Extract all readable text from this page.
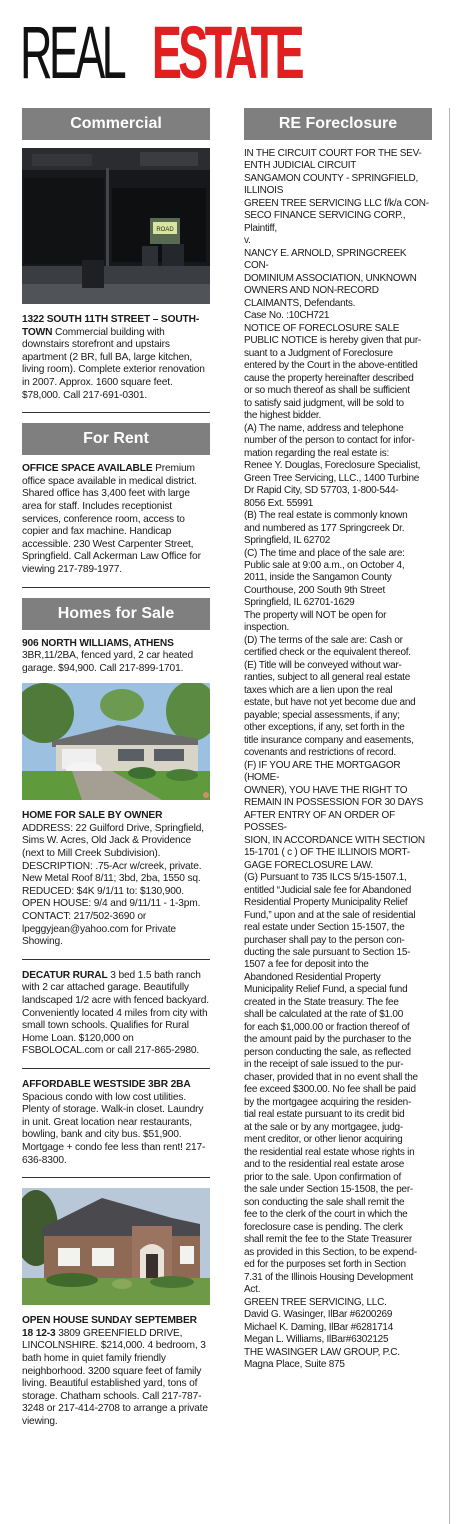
REAL ESTATE
Commercial
ROAD
1322 SOUTH 11TH STREET – SOUTH-TOWN Commercial building with downstairs storefront and upstairs apartment (2 BR, full BA, large kitchen, living room). Complete exterior renovation in 2007. Approx. 1600 square feet. $78,000. Call 217-691-0301.
For Rent
OFFICE SPACE AVAILABLE Premium office space available in medical district. Shared office has 3,400 feet with large area for staff. Includes receptionist services, conference room, access to copier and fax machine. Handicap accessible. 230 West Carpenter Street, Springfield. Call Ackerman Law Office for viewing 217-789-1977.
Homes for Sale
906 NORTH WILLIAMS, ATHENS
3BR,11/2BA, fenced yard, 2 car heated garage. $94,900. Call 217-899-1701.
HOME FOR SALE BY OWNER ADDRESS: 22 Guilford Drive, Springfield, Sims W. Acres, Old Jack & Providence (next to Mill Creek Subdivision). DESCRIPTION: .75-Acr w/creek, private. New Metal Roof 8/11; 3bd, 2ba, 1550 sq. REDUCED: $4K 9/1/11 to: $130,900. OPEN HOUSE: 9/4 and 9/11/11 - 1-3pm. CONTACT: 217/502-3690 or lpeggyjean@yahoo.com for Private Showing.
DECATUR RURAL 3 bed 1.5 bath ranch with 2 car attached garage. Beautifully landscaped 1/2 acre with fenced backyard. Conveniently located 4 miles from city with small town schools. Qualifies for Rural Home Loan. $120,000 on FSBOLOCAL.com or call 217-865-2980.
AFFORDABLE WESTSIDE 3BR 2BA
Spacious condo with low cost utilities. Plenty of storage. Walk-in closet. Laundry in unit. Great location near restaurants, bowling, bank and city bus. $51,900. Mortgage + condo fee less than rent! 217-636-8300.
OPEN HOUSE SUNDAY SEPTEMBER 18 12-3 3809 GREENFIELD DRIVE, LINCOLNSHIRE. $214,000. 4 bedroom, 3 bath home in quiet family friendly neighborhood. 3200 square feet of family living. Beautiful established yard, tons of storage. Chatham schools. Call 217-787-3248 or 217-414-2708 to arrange a private viewing.
RE Foreclosure
IN THE CIRCUIT COURT FOR THE SEV-
ENTH JUDICIAL CIRCUIT
SANGAMON COUNTY - SPRINGFIELD,
ILLINOIS
GREEN TREE SERVICING LLC f/k/a CON-
SECO FINANCE SERVICING CORP.,
Plaintiff,
v.
NANCY E. ARNOLD, SPRINGCREEK CON-
DOMINIUM ASSOCIATION, UNKNOWN
OWNERS AND NON-RECORD
CLAIMANTS, Defendants.
Case No. :10CH721
NOTICE OF FORECLOSURE SALE
PUBLIC NOTICE is hereby given that pur-
suant to a Judgment of Foreclosure
entered by the Court in the above-entitled
cause the property hereinafter described
or so much thereof as shall be sufficient
to satisfy said judgment, will be sold to
the highest bidder.
(A) The name, address and telephone
number of the person to contact for infor-
mation regarding the real estate is:
Renee Y. Douglas, Foreclosure Specialist,
Green Tree Servicing, LLC., 1400 Turbine
Dr Rapid City, SD 57703, 1-800-544-
8056 Ext. 55991
(B) The real estate is commonly known
and numbered as 177 Springcreek Dr.
Springfield, IL 62702
(C) The time and place of the sale are:
Public sale at 9:00 a.m., on October 4,
2011, inside the Sangamon County
Courthouse, 200 South 9th Street
Springfield, IL 62701-1629
The property will NOT be open for
inspection.
(D) The terms of the sale are: Cash or
certified check or the equivalent thereof.
(E) Title will be conveyed without war-
ranties, subject to all general real estate
taxes which are a lien upon the real
estate, but have not yet become due and
payable; special assessments, if any;
other exceptions, if any, set forth in the
title insurance company and easements,
covenants and restrictions of record.
(F) IF YOU ARE THE MORTGAGOR (HOME-
OWNER), YOU HAVE THE RIGHT TO
REMAIN IN POSSESSION FOR 30 DAYS
AFTER ENTRY OF AN ORDER OF POSSES-
SION, IN ACCORDANCE WITH SECTION
15-1701 ( c ) OF THE ILLINOIS MORT-
GAGE FORECLOSURE LAW.
(G) Pursuant to 735 ILCS 5/15-1507.1,
entitled “Judicial sale fee for Abandoned
Residential Property Municipality Relief
Fund,” upon and at the sale of residential
real estate under Section 15-1507, the
purchaser shall pay to the person con-
ducting the sale pursuant to Section 15-
1507 a fee for deposit into the
Abandoned Residential Property
Municipality Relief Fund, a special fund
created in the State treasury. The fee
shall be calculated at the rate of $1.00
for each $1,000.00 or fraction thereof of
the amount paid by the purchaser to the
person conducting the sale, as reflected
in the receipt of sale issued to the pur-
chaser, provided that in no event shall the
fee exceed $300.00. No fee shall be paid
by the mortgagee acquiring the residen-
tial real estate pursuant to its credit bid
at the sale or by any mortgagee, judg-
ment creditor, or other lienor acquiring
the residential real estate whose rights in
and to the residential real estate arose
prior to the sale. Upon confirmation of
the sale under Section 15-1508, the per-
son conducting the sale shall remit the
fee to the clerk of the court in which the
foreclosure case is pending. The clerk
shall remit the fee to the State Treasurer
as provided in this Section, to be expend-
ed for the purposes set forth in Section
7.31 of the Illinois Housing Development
Act.
GREEN TREE SERVICING, LLC.
David G. Wasinger, IlBar #6200269
Michael K. Daming, IlBar #6281714
Megan L. Williams, IlBar#6302125
THE WASINGER LAW GROUP, P.C.
Magna Place, Suite 875
